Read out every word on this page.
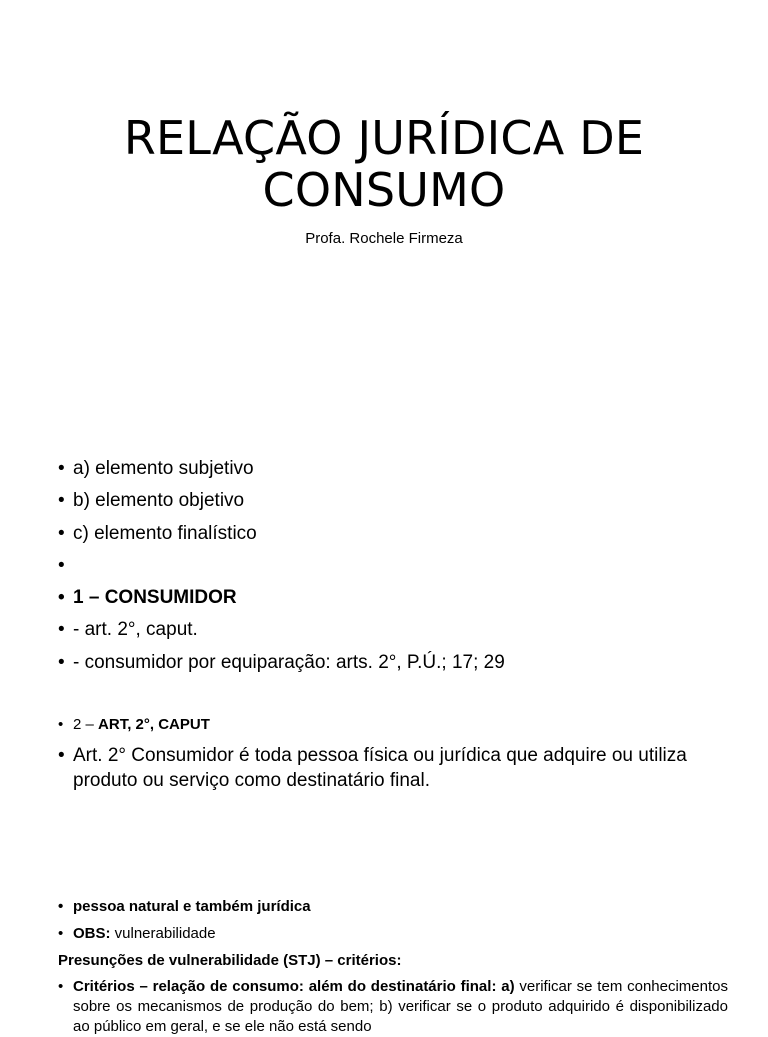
RELAÇÃO JURÍDICA DE
CONSUMO
Profa. Rochele Firmeza
• a) elemento subjetivo
• b) elemento objetivo
• c) elemento finalístico
•
• 1 – CONSUMIDOR
• - art. 2°, caput.
• - consumidor por equiparação: arts. 2°, P.Ú.; 17; 29
• 2 – ART, 2°, CAPUT
• Art. 2° Consumidor é toda pessoa física ou jurídica que adquire ou utiliza produto ou serviço como destinatário final.
• pessoa natural e também jurídica
• OBS: vulnerabilidade

Presunções de vulnerabilidade (STJ) – critérios:

• Critérios – relação de consumo: além do destinatário final: a) verificar se tem conhecimentos sobre os mecanismos de produção do bem; b) verificar se o produto adquirido é disponibilizado ao público em geral, e se ele não está sendo
